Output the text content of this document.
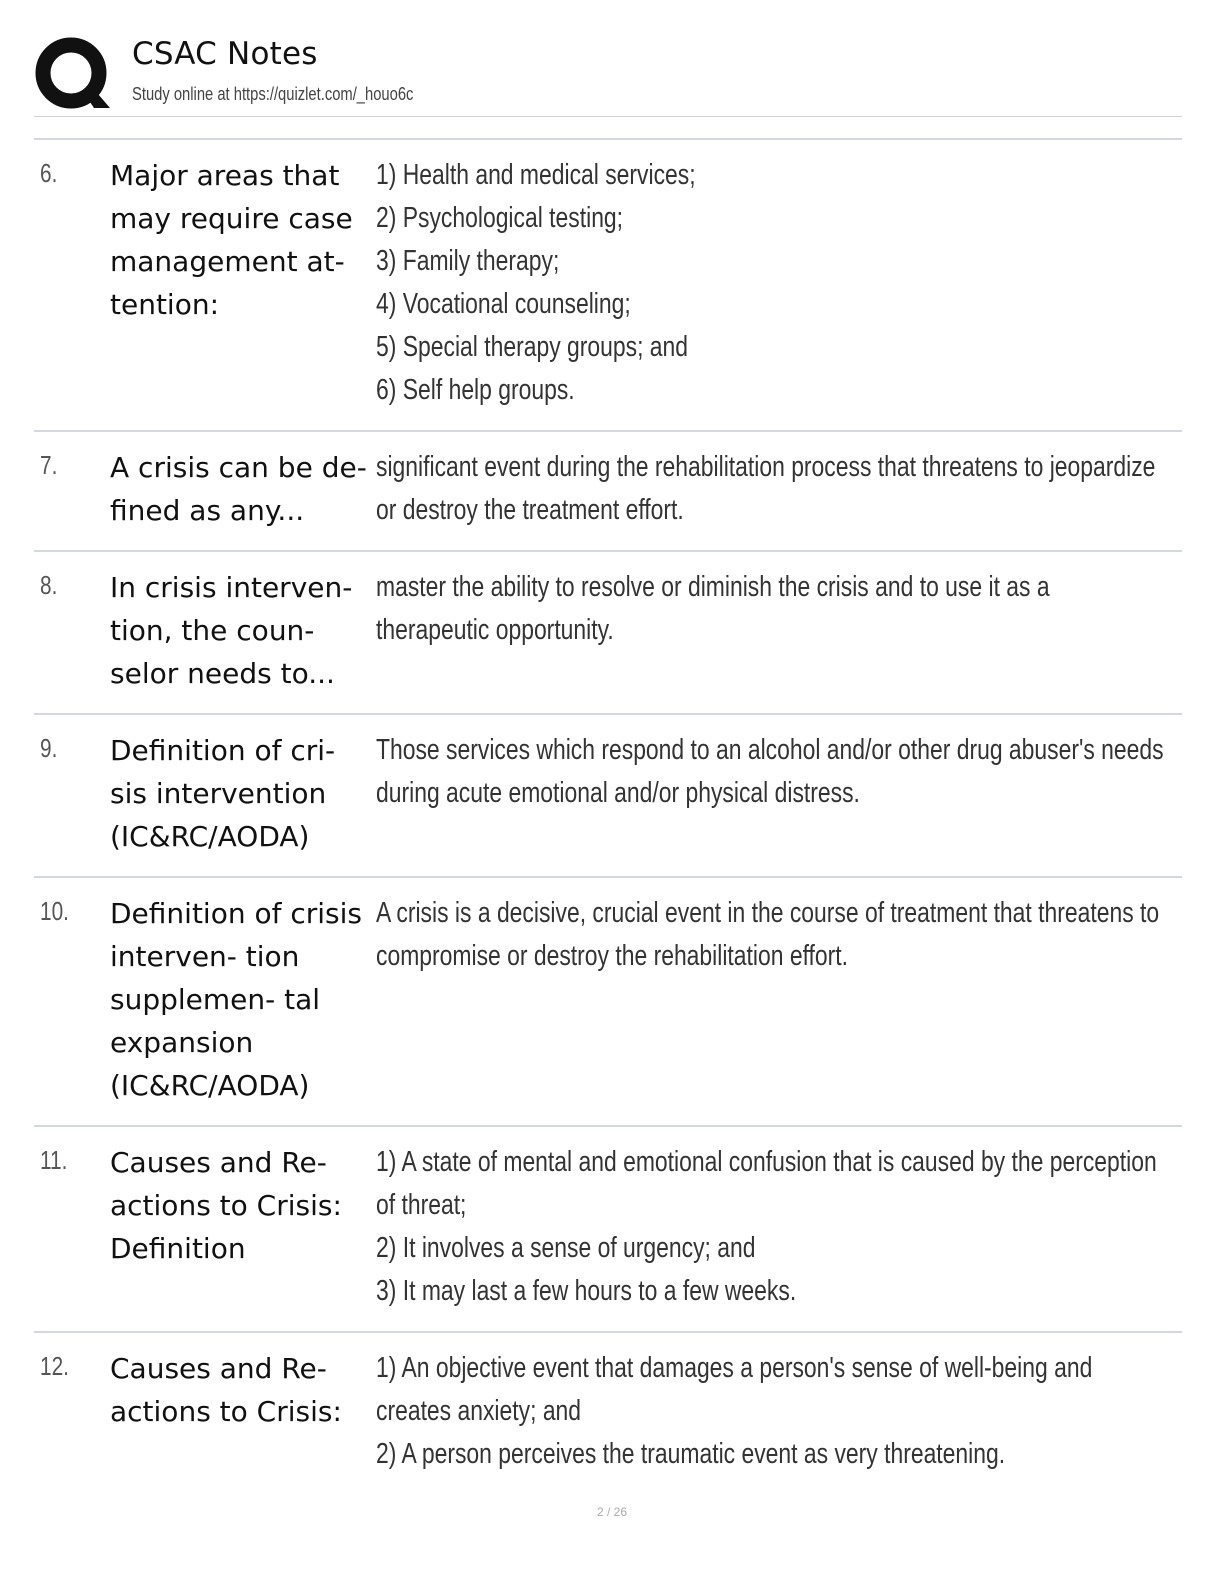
CSAC Notes
Study online at https://quizlet.com/_houo6c
6. Major areas that may require case management at- tention:
1) Health and medical services;
2) Psychological testing;
3) Family therapy;
4) Vocational counseling;
5) Special therapy groups; and
6) Self help groups.
7. A crisis can be de- fined as any...
significant event during the rehabilitation process that threatens to jeopardize or destroy the treatment effort.
8. In crisis interven- tion, the coun- selor needs to...
master the ability to resolve or diminish the crisis and to use it as a therapeutic opportunity.
9. Definition of cri- sis intervention (IC&RC/AODA)
Those services which respond to an alcohol and/or other drug abuser's needs during acute emotional and/or physical distress.
10. Definition of crisis interven- tion supplemen- tal expansion (IC&RC/AODA)
A crisis is a decisive, crucial event in the course of treatment that threatens to compromise or destroy the rehabilitation effort.
11. Causes and Re- actions to Crisis: Definition
1) A state of mental and emotional confusion that is caused by the perception of threat;
2) It involves a sense of urgency; and
3) It may last a few hours to a few weeks.
12. Causes and Re- actions to Crisis:
1) An objective event that damages a person's sense of well-being and creates anxiety; and
2) A person perceives the traumatic event as very threatening.
2 / 26
